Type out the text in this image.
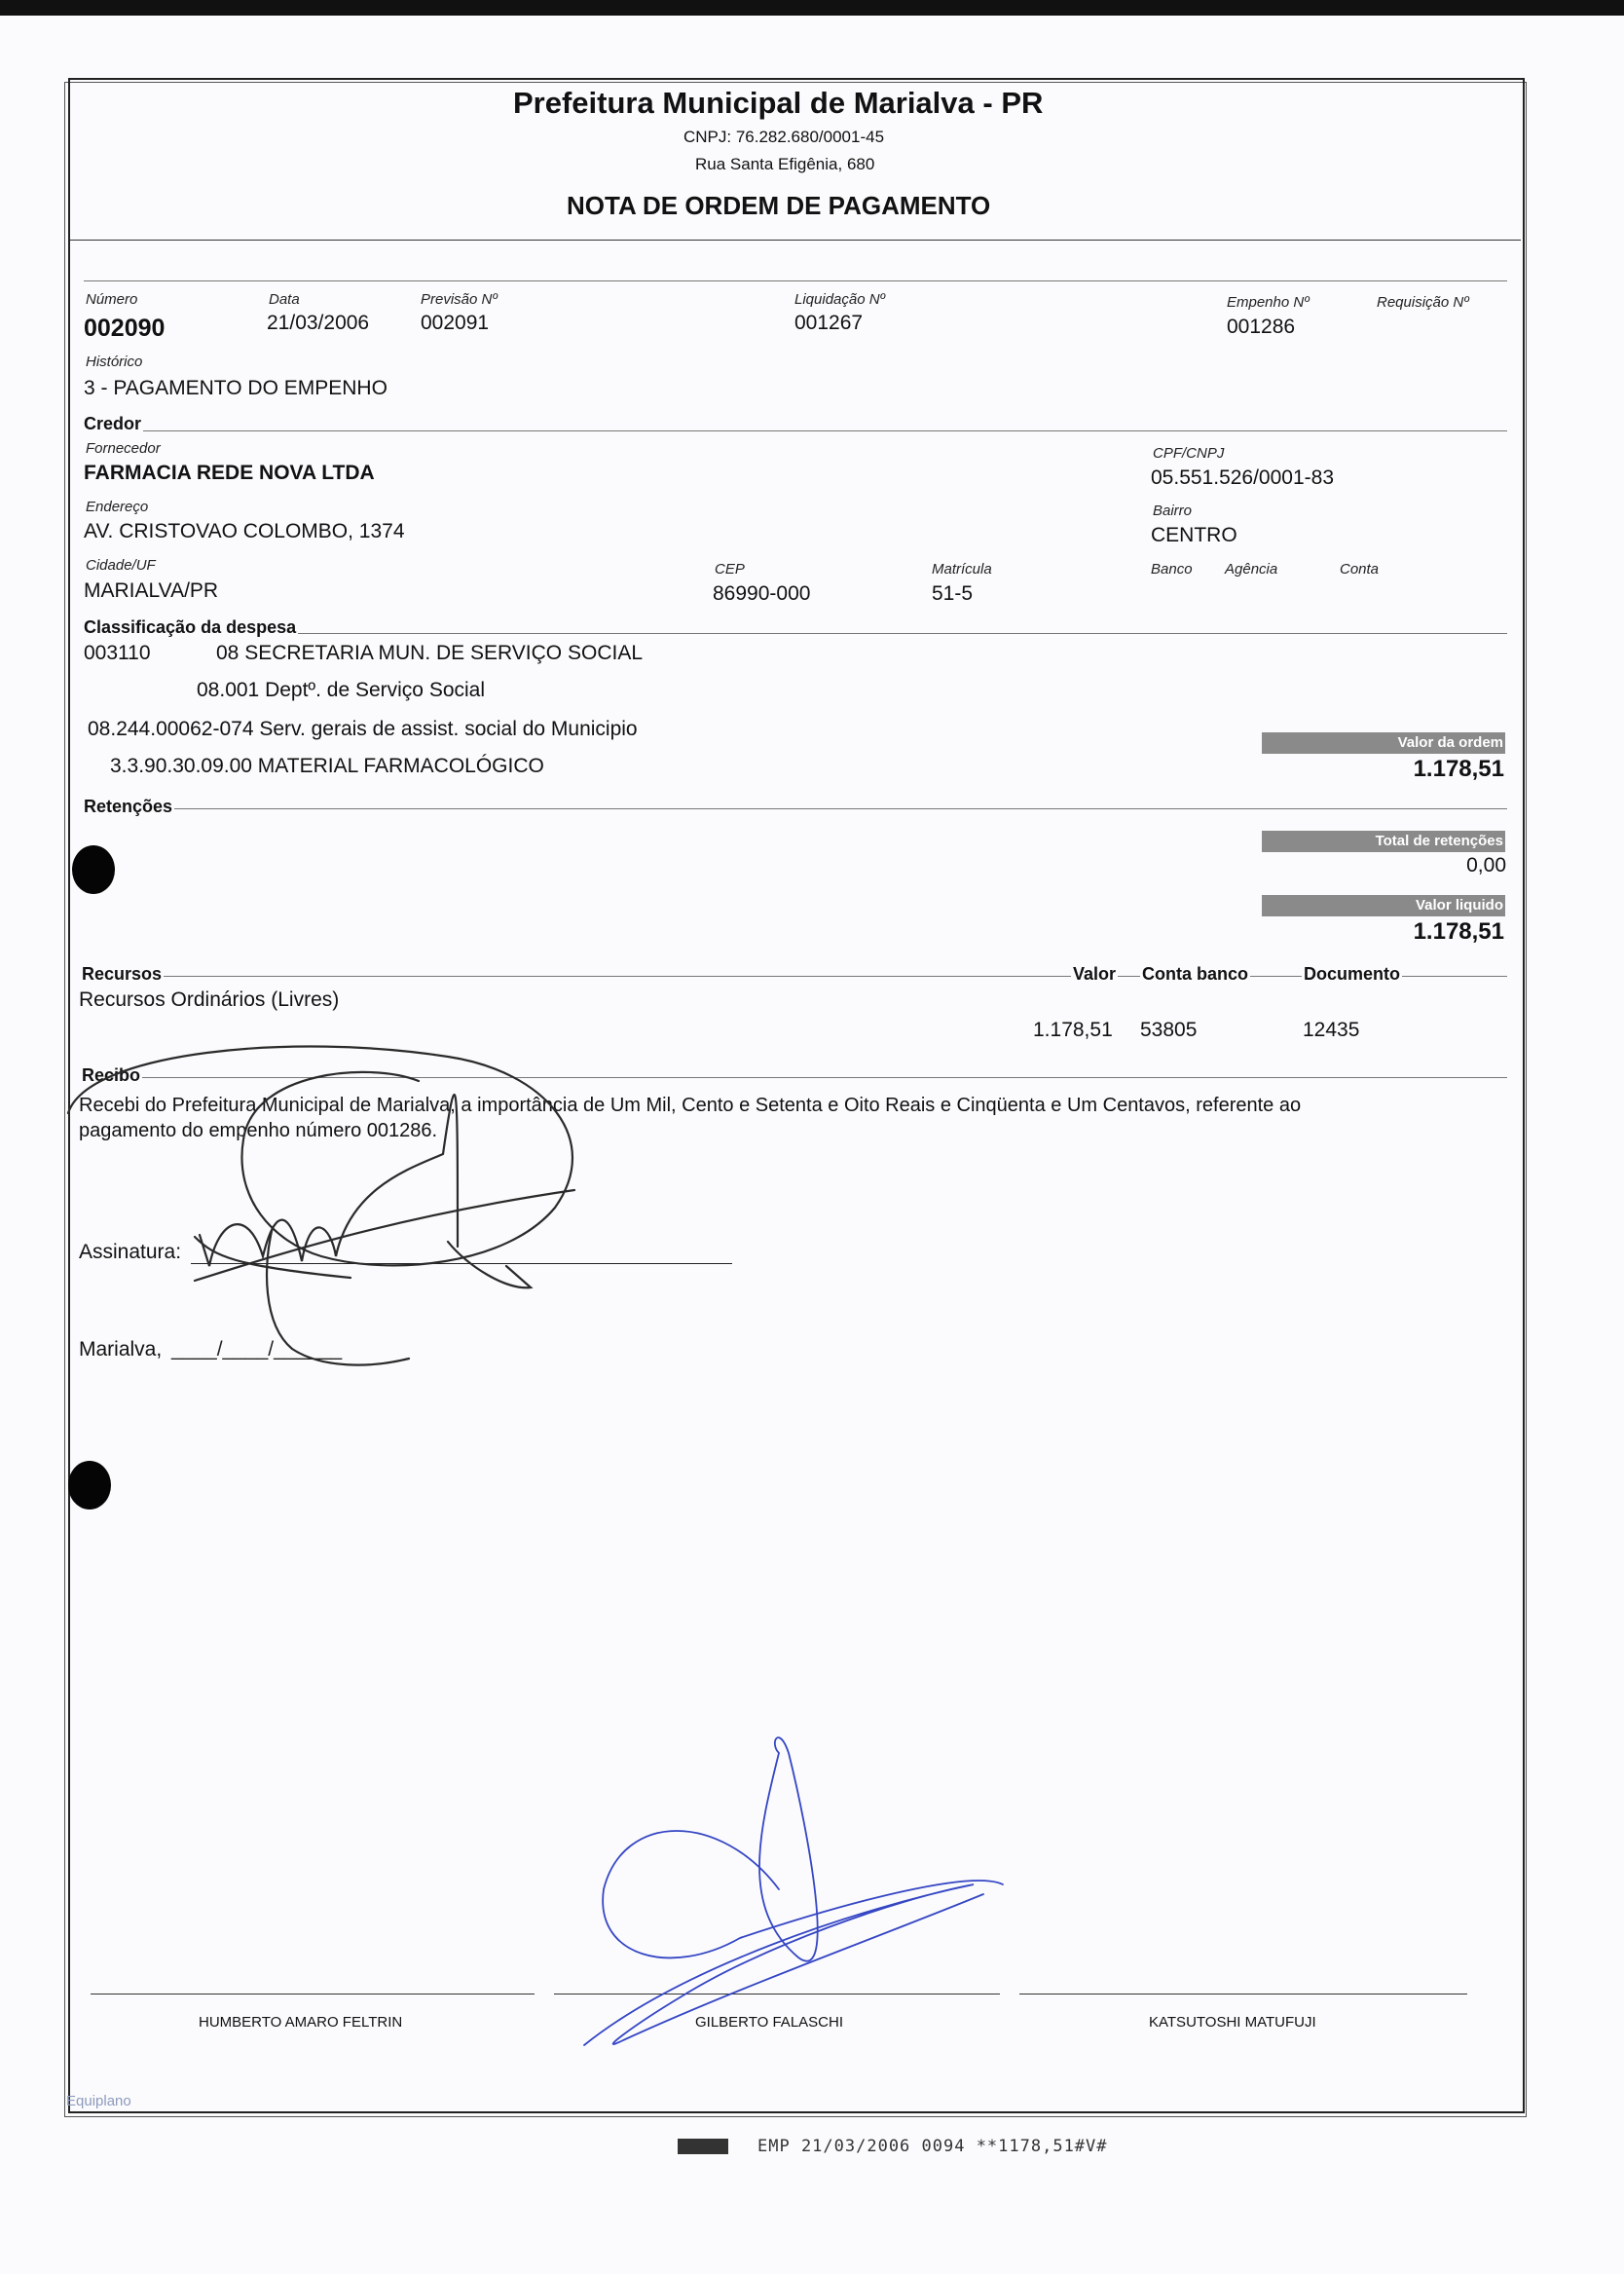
Prefeitura Municipal de Marialva - PR
CNPJ: 76.282.680/0001-45
Rua Santa Efigênia, 680
NOTA DE ORDEM DE PAGAMENTO
Número
002090
Data
21/03/2006
Previsão Nº
002091
Liquidação Nº
001267
Empenho Nº
001286
Requisição Nº
Histórico
3 - PAGAMENTO DO EMPENHO
Credor
Fornecedor
FARMACIA REDE NOVA LTDA
CPF/CNPJ
05.551.526/0001-83
Endereço
AV. CRISTOVAO COLOMBO, 1374
Bairro
CENTRO
Cidade/UF
MARIALVA/PR
CEP
86990-000
Matrícula
51-5
Banco Agência	Conta
Classificação da despesa
003110	08 SECRETARIA MUN. DE SERVIÇO SOCIAL
08.001 Deptº. de Serviço Social
08.244.00062-074 Serv. gerais de assist. social do Municipio
3.3.90.30.09.00 MATERIAL FARMACOLÓGICO
Valor da ordem
1.178,51
Retenções
Total de retenções
0,00
Valor liquido
1.178,51
Recursos	Valor Conta banco	Documento
Recursos Ordinários (Livres)
1.178,51 53805	12435
Recibo
Recebi do Prefeitura Municipal de Marialva, a importância de Um Mil, Cento e Setenta e Oito Reais e Cinqüenta e Um Centavos, referente ao
pagamento do empenho número 001286.
Assinatura:
Marialva, ____/____/______
HUMBERTO AMARO FELTRIN	GILBERTO FALASCHI	KATSUTOSHI MATUFUJI
Equiplano
EMP 21/03/2006 0094 **1178,51#V#
